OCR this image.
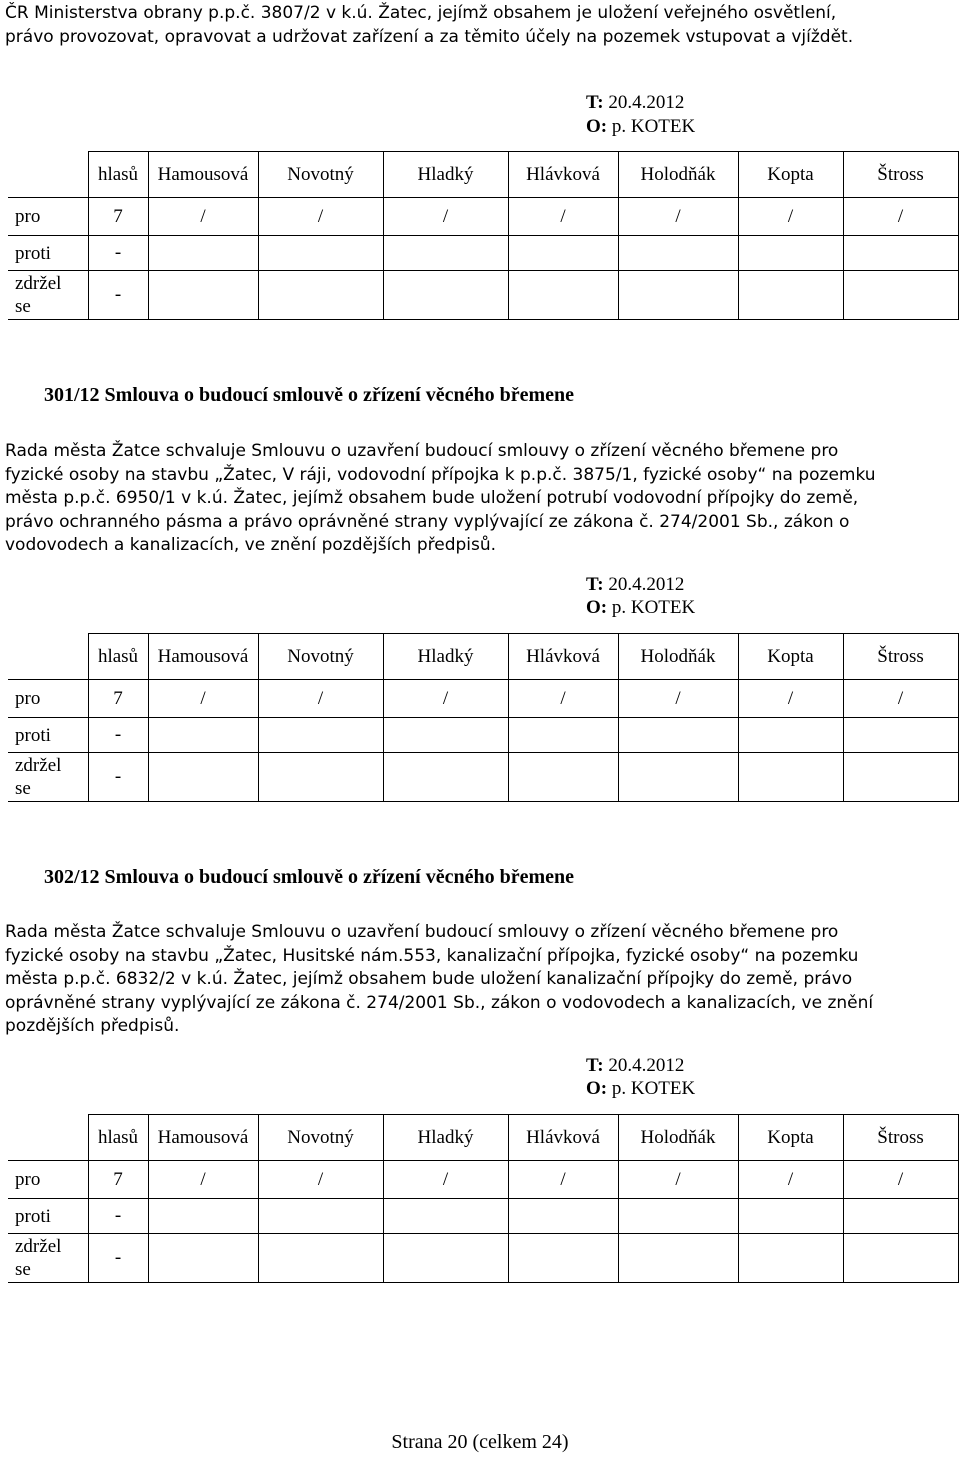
ČR Ministerstva obrany p.p.č. 3807/2 v k.ú. Žatec, jejímž obsahem je uložení veřejného osvětlení,
právo provozovat, opravovat a udržovat zařízení a za těmito účely na pozemek vstupovat a vjíždět.
T: 20.4.2012
O: p. KOTEK
	hlasů	Hamousová	Novotný	Hladký	Hlávková	Holodňák	Kopta	Štross
pro	7	/	/	/	/	/	/	/
proti	-							
zdržel
se	-							
301/12 Smlouva o budoucí smlouvě o zřízení věcného břemene
Rada města Žatce schvaluje Smlouvu o uzavření budoucí smlouvy o zřízení věcného břemene pro
fyzické osoby na stavbu „Žatec, V ráji, vodovodní přípojka k p.p.č. 3875/1, fyzické osoby“ na pozemku
města p.p.č. 6950/1 v k.ú. Žatec, jejímž obsahem bude uložení potrubí vodovodní přípojky do země,
právo ochranného pásma a právo oprávněné strany vyplývající ze zákona č. 274/2001 Sb., zákon o
vodovodech a kanalizacích, ve znění pozdějších předpisů.
T: 20.4.2012
O: p. KOTEK
	hlasů	Hamousová	Novotný	Hladký	Hlávková	Holodňák	Kopta	Štross
pro	7	/	/	/	/	/	/	/
proti	-							
zdržel
se	-							
302/12 Smlouva o budoucí smlouvě o zřízení věcného břemene
Rada města Žatce schvaluje Smlouvu o uzavření budoucí smlouvy o zřízení věcného břemene pro
fyzické osoby na stavbu „Žatec, Husitské nám.553, kanalizační přípojka, fyzické osoby“ na pozemku
města p.p.č. 6832/2 v k.ú. Žatec, jejímž obsahem bude uložení kanalizační přípojky do země, právo
oprávněné strany vyplývající ze zákona č. 274/2001 Sb., zákon o vodovodech a kanalizacích, ve znění
pozdějších předpisů.
T: 20.4.2012
O: p. KOTEK
	hlasů	Hamousová	Novotný	Hladký	Hlávková	Holodňák	Kopta	Štross
pro	7	/	/	/	/	/	/	/
proti	-							
zdržel
se	-							
Strana 20 (celkem 24)
